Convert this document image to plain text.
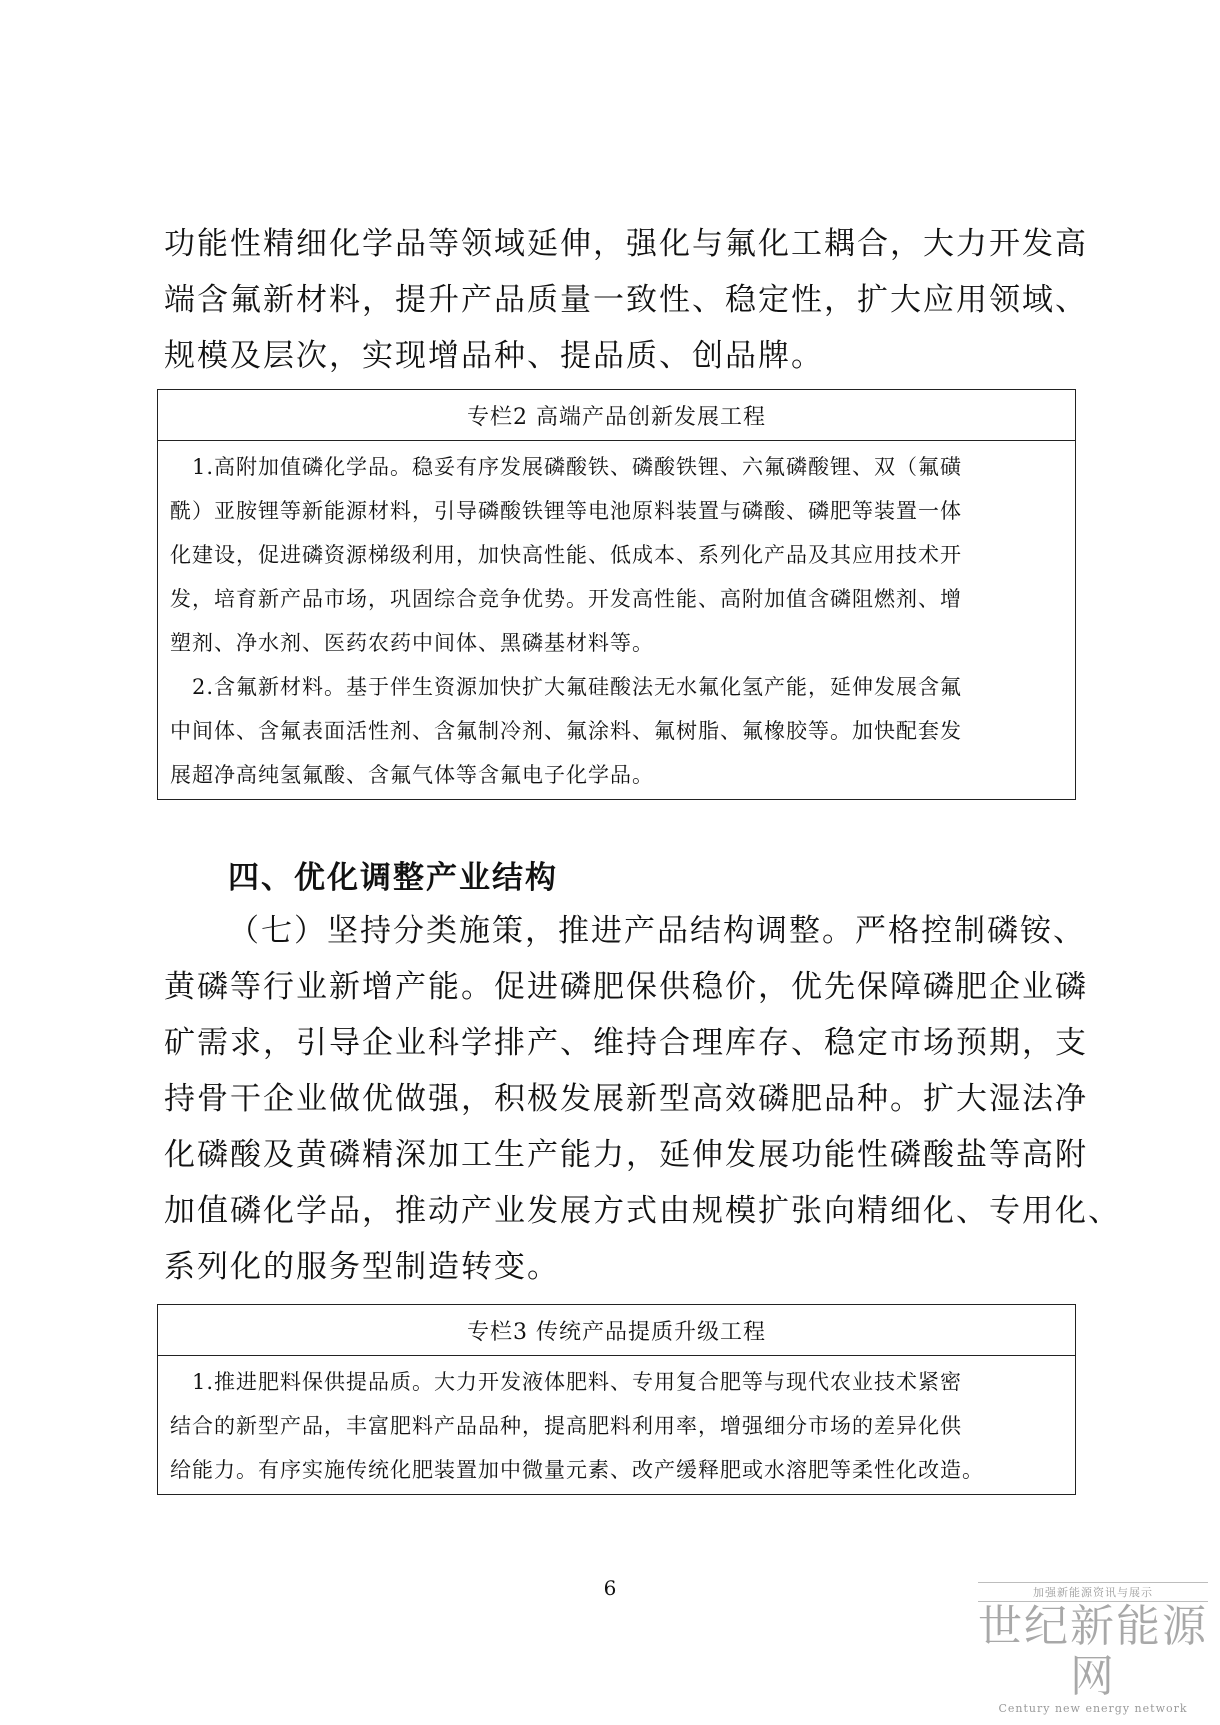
功能性精细化学品等领域延伸，强化与氟化工耦合，大力开发高
端含氟新材料，提升产品质量一致性、稳定性，扩大应用领域、
规模及层次，实现增品种、提品质、创品牌。
专栏2 高端产品创新发展工程
　1.高附加值磷化学品。稳妥有序发展磷酸铁、磷酸铁锂、六氟磷酸锂、双（氟磺
酰）亚胺锂等新能源材料，引导磷酸铁锂等电池原料装置与磷酸、磷肥等装置一体
化建设，促进磷资源梯级利用，加快高性能、低成本、系列化产品及其应用技术开
发，培育新产品市场，巩固综合竞争优势。开发高性能、高附加值含磷阻燃剂、增
塑剂、净水剂、医药农药中间体、黑磷基材料等。
　2.含氟新材料。基于伴生资源加快扩大氟硅酸法无水氟化氢产能，延伸发展含氟
中间体、含氟表面活性剂、含氟制冷剂、氟涂料、氟树脂、氟橡胶等。加快配套发
展超净高纯氢氟酸、含氟气体等含氟电子化学品。
四、优化调整产业结构
（七）坚持分类施策，推进产品结构调整。严格控制磷铵、
黄磷等行业新增产能。促进磷肥保供稳价，优先保障磷肥企业磷
矿需求，引导企业科学排产、维持合理库存、稳定市场预期，支
持骨干企业做优做强，积极发展新型高效磷肥品种。扩大湿法净
化磷酸及黄磷精深加工生产能力，延伸发展功能性磷酸盐等高附
加值磷化学品，推动产业发展方式由规模扩张向精细化、专用化、
系列化的服务型制造转变。
专栏3 传统产品提质升级工程
　1.推进肥料保供提品质。大力开发液体肥料、专用复合肥等与现代农业技术紧密
结合的新型产品，丰富肥料产品品种，提高肥料利用率，增强细分市场的差异化供
给能力。有序实施传统化肥装置加中微量元素、改产缓释肥或水溶肥等柔性化改造。
6	加强新能源资讯与展示
世纪新能源网
Century new energy network
